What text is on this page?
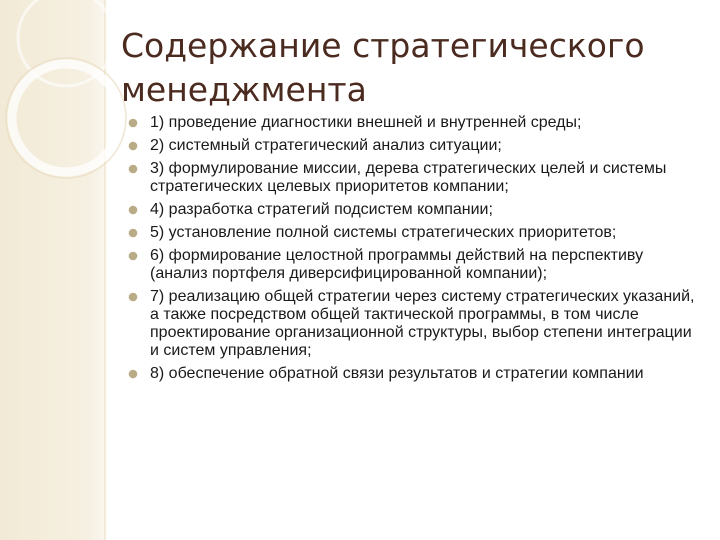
Содержание стратегического менеджмента
1) проведение диагностики внешней и внутренней среды;
2) системный стратегический анализ ситуации;
3) формулирование миссии, дерева стратегических целей и системы стратегических целевых приоритетов компании;
4) разработка стратегий подсистем компании;
5) установление полной системы стратегических приоритетов;
6) формирование целостной программы действий на перспективу (анализ портфеля диверсифицированной компании);
7) реализацию общей стратегии через систему стратегических указаний, а также посредством общей тактической программы, в том числе проектирование организационной структуры, выбор степени интеграции и систем управления;
8) обеспечение обратной связи результатов и стратегии компании
